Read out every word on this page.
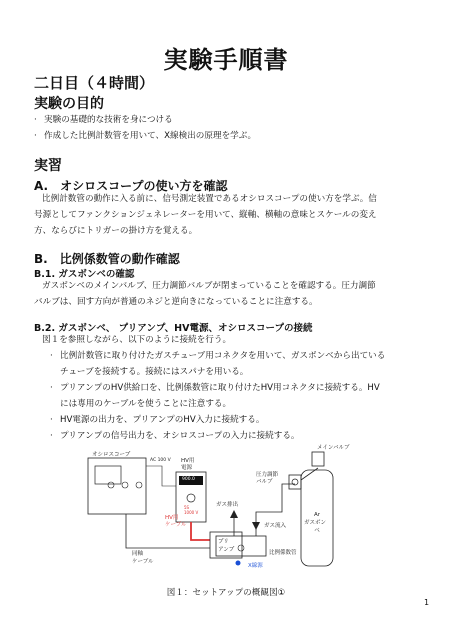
実験手順書
二日目（４時間）
実験の目的
· 実験の基礎的な技術を身につける
· 作成した比例計数管を用いて、X線検出の原理を学ぶ。
実習
A.　オシロスコープの使い方を確認
比例計数管の動作に入る前に、信号測定装置であるオシロスコープの使い方を学ぶ。信
号源としてファンクションジェネレーターを用いて、縦軸、横軸の意味とスケールの変え
方、ならびにトリガーの掛け方を覚える。
B.　比例係数管の動作確認
B.1. ガスボンベの確認
ガスボンベのメインバルブ、圧力調節バルブが閉まっていることを確認する。圧力調節
バルブは、回す方向が普通のネジと逆向きになっていることに注意する。
B.2. ガスボンベ、 プリアンプ、HV電源、オシロスコープの接続
図１を参照しながら、以下のように接続を行う。
· 比例計数管に取り付けたガスチューブ用コネクタを用いて、ガスボンベから出ている
チューブを接続する。接続にはスパナを用いる。
· プリアンプのHV供給口を、比例係数管に取り付けたHV用コネクタに接続する。HV
には専用のケーブルを使うことに注意する。
· HV電源の出力を、プリアンプのHV入力に接続する。
· プリアンプの信号出力を、オシロスコープの入力に接続する。
オシロスコープ
AC 100 V HV用
電源
900.0
5S
1000 V
HV用
ケーブル
プリ
アンプ
同軸
ケーブル
ガス排出
ガス流入
比例係数管
X線源
圧力調節
バルブ
メインバルブ
Ar
ガスボンベ
図１：セットアップの概観図①
1
